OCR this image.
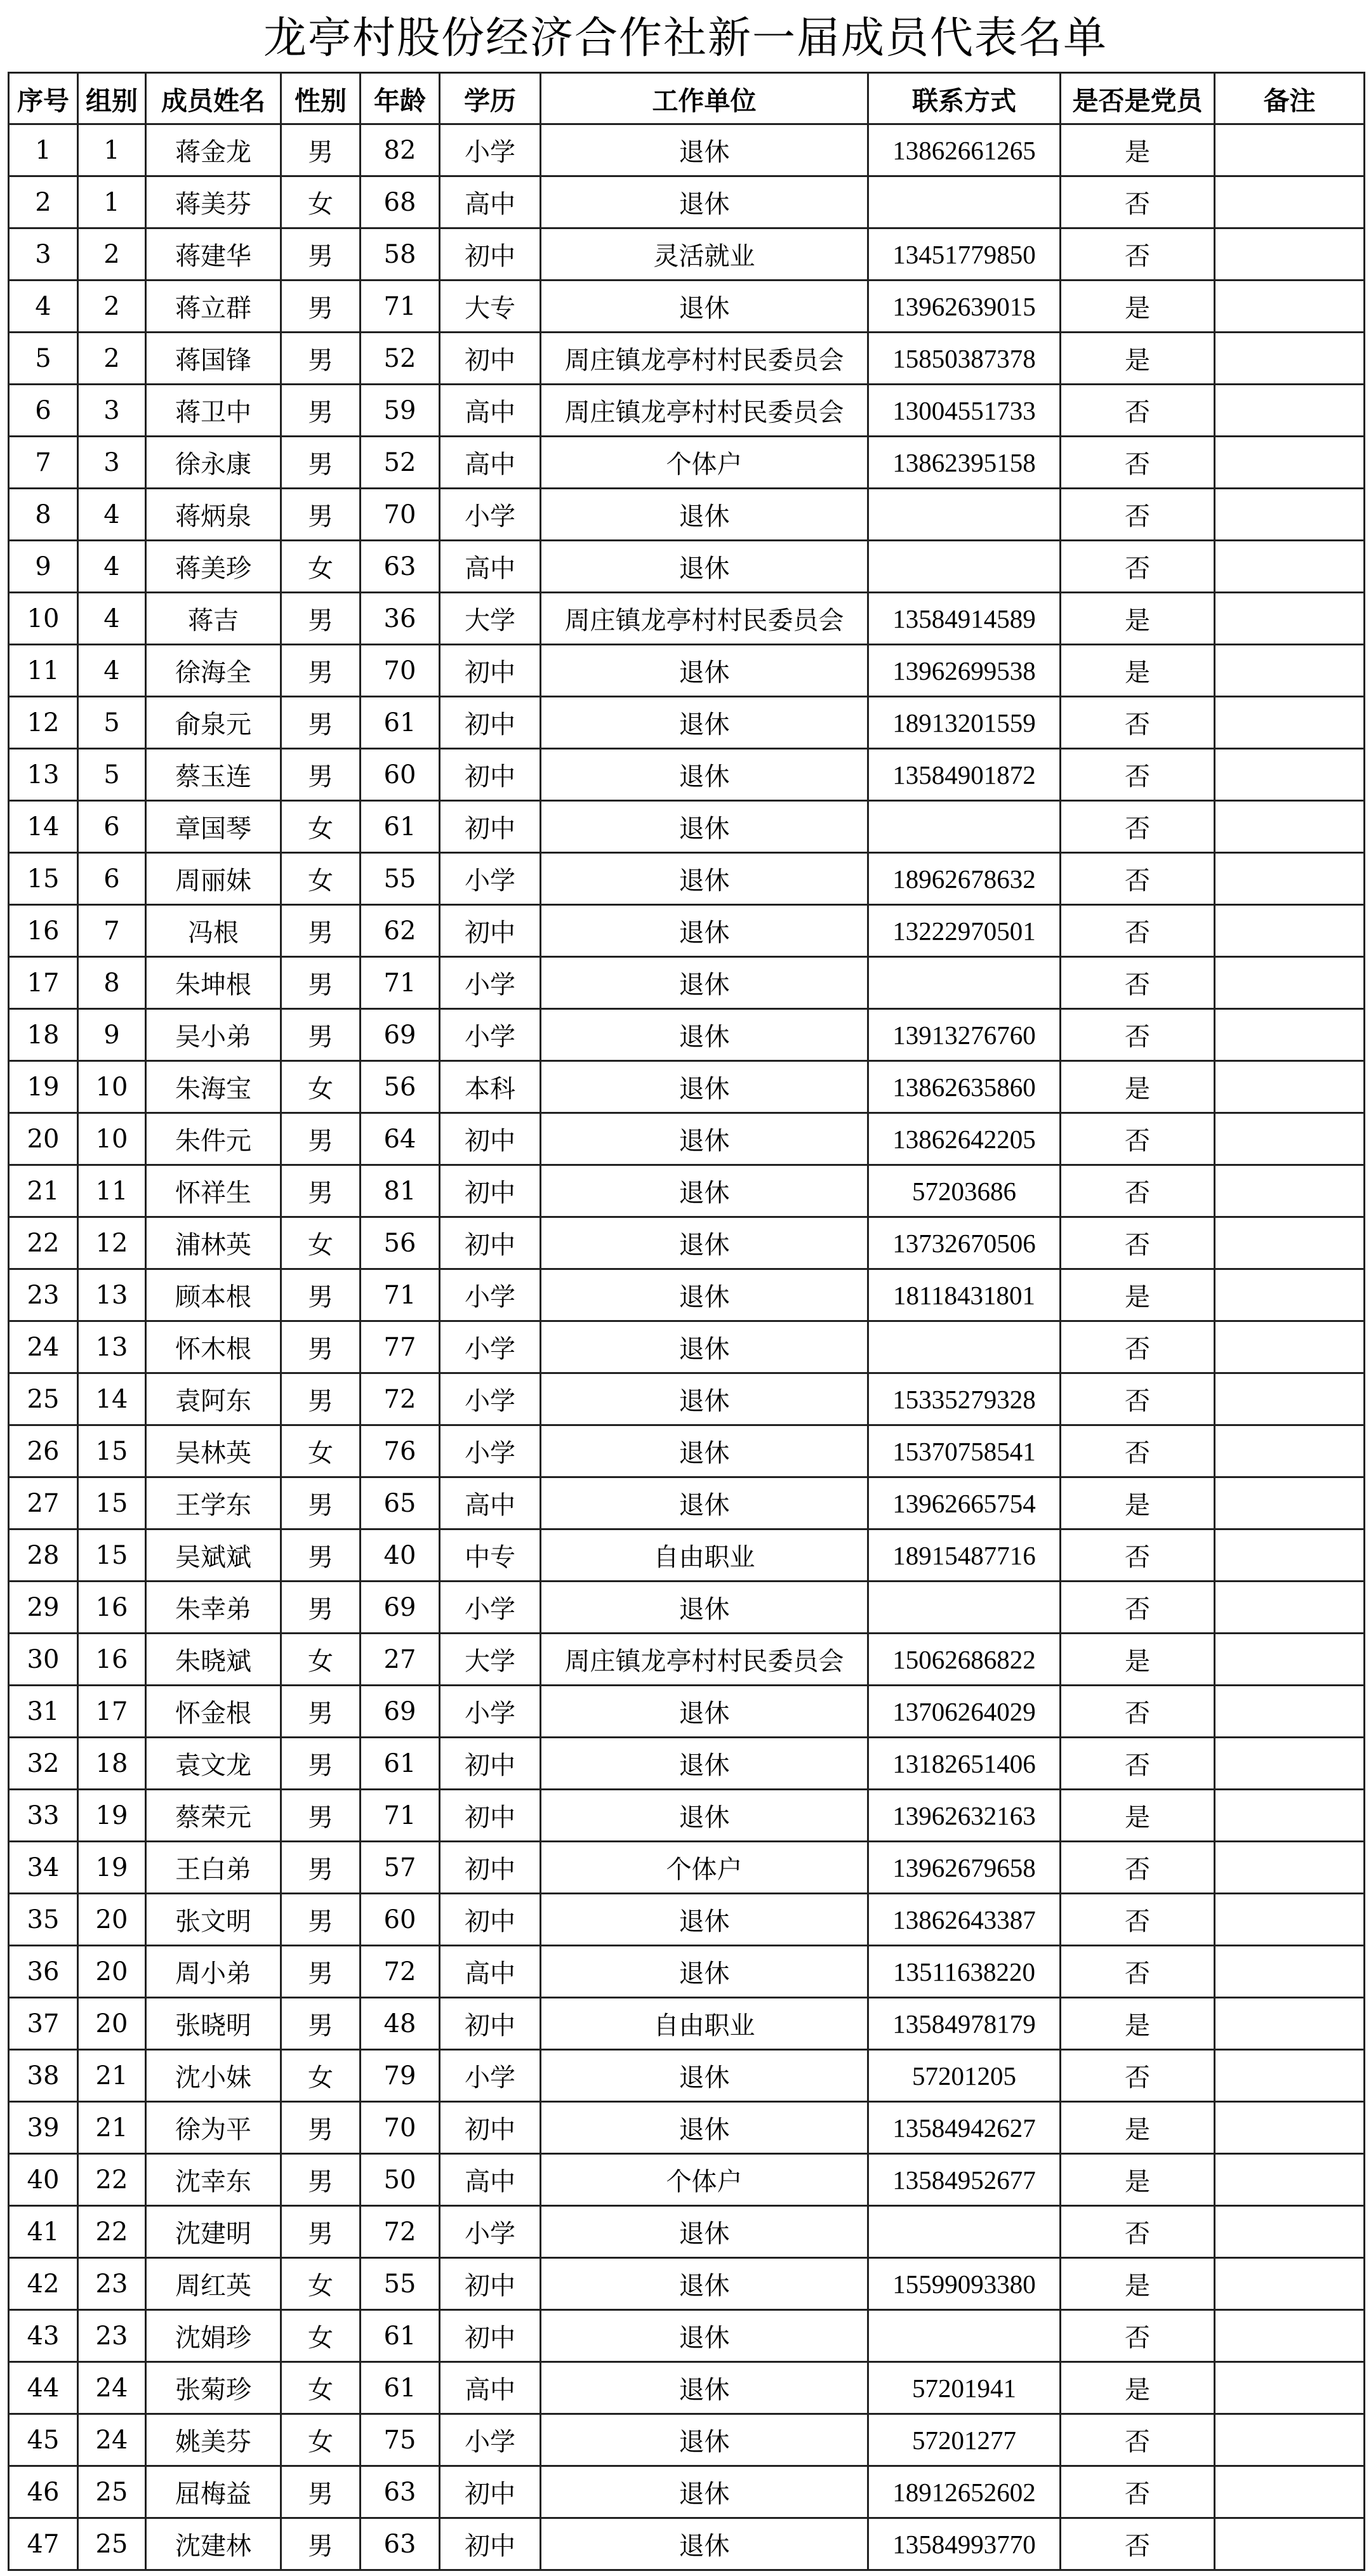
龙亭村股份经济合作社新一届成员代表名单
序号	组别	成员姓名	性别	年龄	学历	工作单位	联系方式	是否是党员	备注
1	1	蒋金龙	男	82	小学	退休	13862661265	是	
2	1	蒋美芬	女	68	高中	退休		否	
3	2	蒋建华	男	58	初中	灵活就业	13451779850	否	
4	2	蒋立群	男	71	大专	退休	13962639015	是	
5	2	蒋国锋	男	52	初中	周庄镇龙亭村村民委员会	15850387378	是	
6	3	蒋卫中	男	59	高中	周庄镇龙亭村村民委员会	13004551733	否	
7	3	徐永康	男	52	高中	个体户	13862395158	否	
8	4	蒋炳泉	男	70	小学	退休		否	
9	4	蒋美珍	女	63	高中	退休		否	
10	4	蒋吉	男	36	大学	周庄镇龙亭村村民委员会	13584914589	是	
11	4	徐海全	男	70	初中	退休	13962699538	是	
12	5	俞泉元	男	61	初中	退休	18913201559	否	
13	5	蔡玉连	男	60	初中	退休	13584901872	否	
14	6	章国琴	女	61	初中	退休		否	
15	6	周丽妹	女	55	小学	退休	18962678632	否	
16	7	冯根	男	62	初中	退休	13222970501	否	
17	8	朱坤根	男	71	小学	退休		否	
18	9	吴小弟	男	69	小学	退休	13913276760	否	
19	10	朱海宝	女	56	本科	退休	13862635860	是	
20	10	朱件元	男	64	初中	退休	13862642205	否	
21	11	怀祥生	男	81	初中	退休	57203686	否	
22	12	浦林英	女	56	初中	退休	13732670506	否	
23	13	顾本根	男	71	小学	退休	18118431801	是	
24	13	怀木根	男	77	小学	退休		否	
25	14	袁阿东	男	72	小学	退休	15335279328	否	
26	15	吴林英	女	76	小学	退休	15370758541	否	
27	15	王学东	男	65	高中	退休	13962665754	是	
28	15	吴斌斌	男	40	中专	自由职业	18915487716	否	
29	16	朱幸弟	男	69	小学	退休		否	
30	16	朱晓斌	女	27	大学	周庄镇龙亭村村民委员会	15062686822	是	
31	17	怀金根	男	69	小学	退休	13706264029	否	
32	18	袁文龙	男	61	初中	退休	13182651406	否	
33	19	蔡荣元	男	71	初中	退休	13962632163	是	
34	19	王白弟	男	57	初中	个体户	13962679658	否	
35	20	张文明	男	60	初中	退休	13862643387	否	
36	20	周小弟	男	72	高中	退休	13511638220	否	
37	20	张晓明	男	48	初中	自由职业	13584978179	是	
38	21	沈小妹	女	79	小学	退休	57201205	否	
39	21	徐为平	男	70	初中	退休	13584942627	是	
40	22	沈幸东	男	50	高中	个体户	13584952677	是	
41	22	沈建明	男	72	小学	退休		否	
42	23	周红英	女	55	初中	退休	15599093380	是	
43	23	沈娟珍	女	61	初中	退休		否	
44	24	张菊珍	女	61	高中	退休	57201941	是	
45	24	姚美芬	女	75	小学	退休	57201277	否	
46	25	屈梅益	男	63	初中	退休	18912652602	否	
47	25	沈建林	男	63	初中	退休	13584993770	否	
